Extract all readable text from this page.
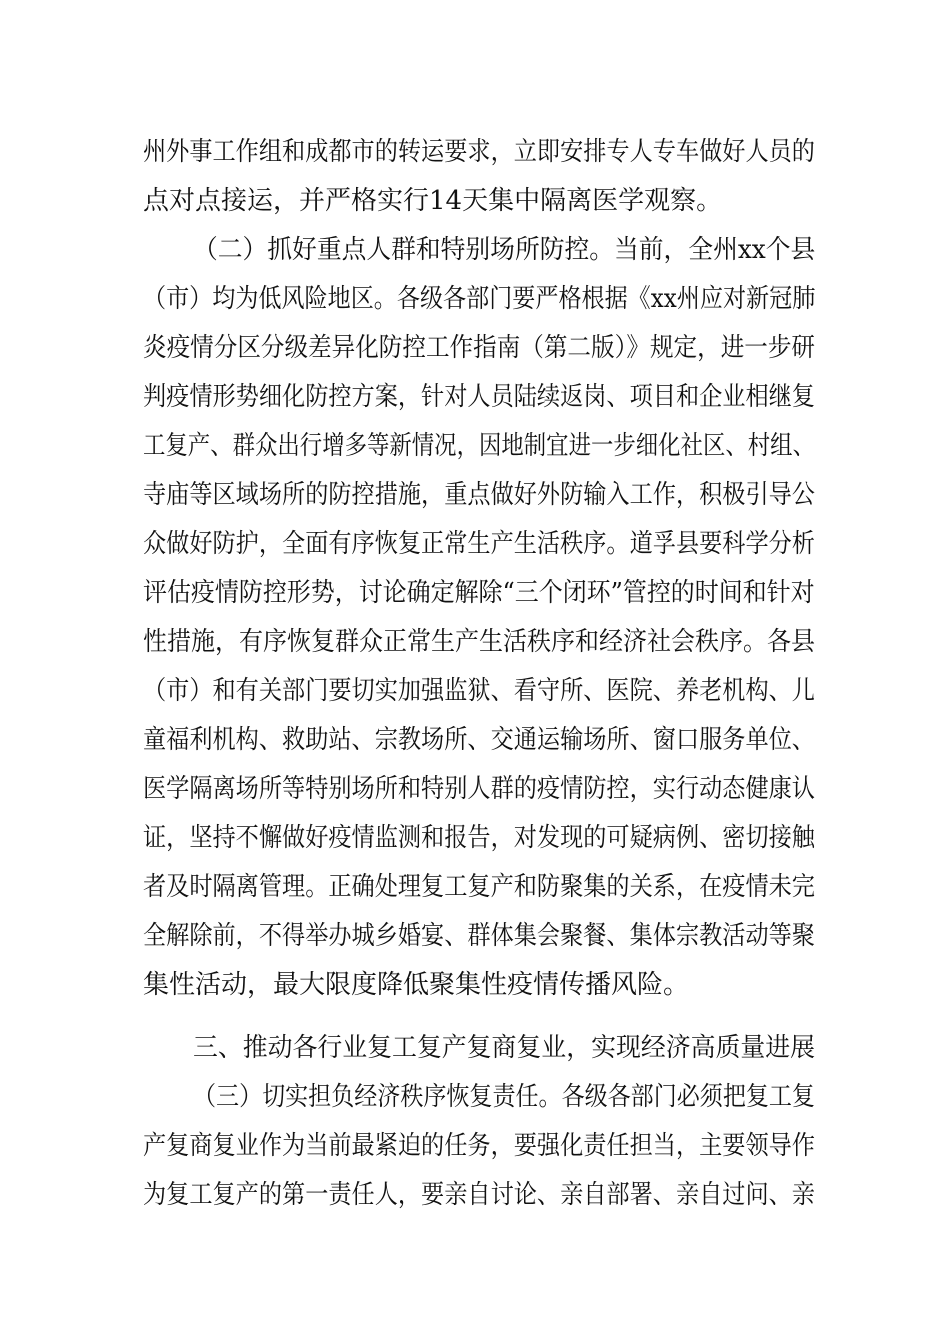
州外事工作组和成都市的转运要求，立即安排专人专车做好人员的
点对点接运，并严格实行14天集中隔离医学观察。
（二）抓好重点人群和特别场所防控。当前，全州xx个县
（市）均为低风险地区。各级各部门要严格根据《xx州应对新冠肺
炎疫情分区分级差异化防控工作指南（第二版）》规定，进一步研
判疫情形势细化防控方案，针对人员陆续返岗、项目和企业相继复
工复产、群众出行增多等新情况，因地制宜进一步细化社区、村组、
寺庙等区域场所的防控措施，重点做好外防输入工作，积极引导公
众做好防护，全面有序恢复正常生产生活秩序。道孚县要科学分析
评估疫情防控形势，讨论确定解除“三个闭环”管控的时间和针对
性措施，有序恢复群众正常生产生活秩序和经济社会秩序。各县
（市）和有关部门要切实加强监狱、看守所、医院、养老机构、儿
童福利机构、救助站、宗教场所、交通运输场所、窗口服务单位、
医学隔离场所等特别场所和特别人群的疫情防控，实行动态健康认
证，坚持不懈做好疫情监测和报告，对发现的可疑病例、密切接触
者及时隔离管理。正确处理复工复产和防聚集的关系，在疫情未完
全解除前，不得举办城乡婚宴、群体集会聚餐、集体宗教活动等聚
集性活动，最大限度降低聚集性疫情传播风险。
三、推动各行业复工复产复商复业，实现经济高质量进展
（三）切实担负经济秩序恢复责任。各级各部门必须把复工复
产复商复业作为当前最紧迫的任务，要强化责任担当，主要领导作
为复工复产的第一责任人，要亲自讨论、亲自部署、亲自过问、亲
